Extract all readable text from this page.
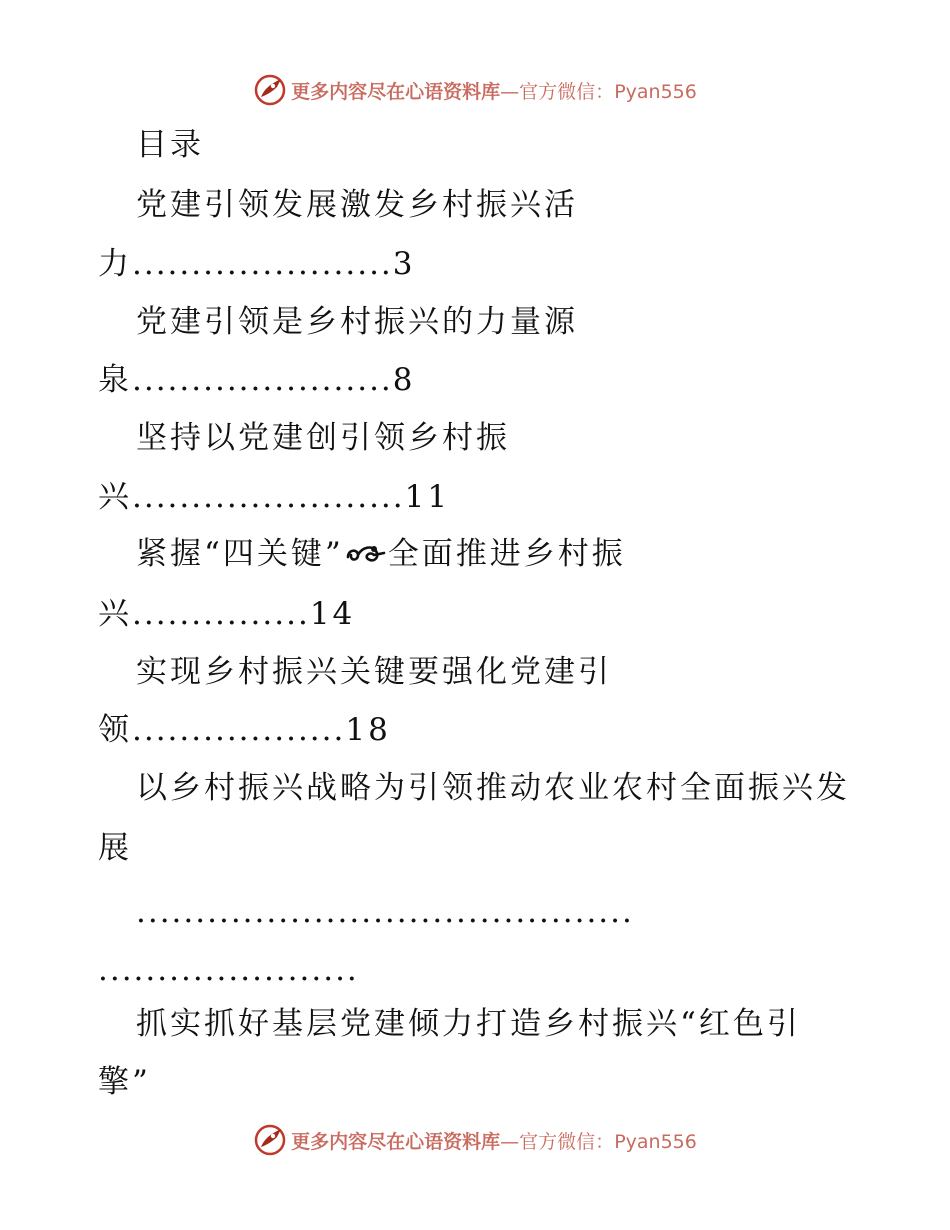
更多内容尽在心语资料库—官方微信：Pyan556
目录
党建引领发展激发乡村振兴活
力......................3
党建引领是乡村振兴的力量源
泉......................8
坚持以党建创引领乡村振
兴.......................11
紧握“四关键” 全面推进乡村振
兴...............14
实现乡村振兴关键要强化党建引
领..................18
以乡村振兴战略为引领推动农业农村全面振兴发
展
..........................................
......................
抓实抓好基层党建倾力打造乡村振兴“红色引
擎”
更多内容尽在心语资料库—官方微信：Pyan556
